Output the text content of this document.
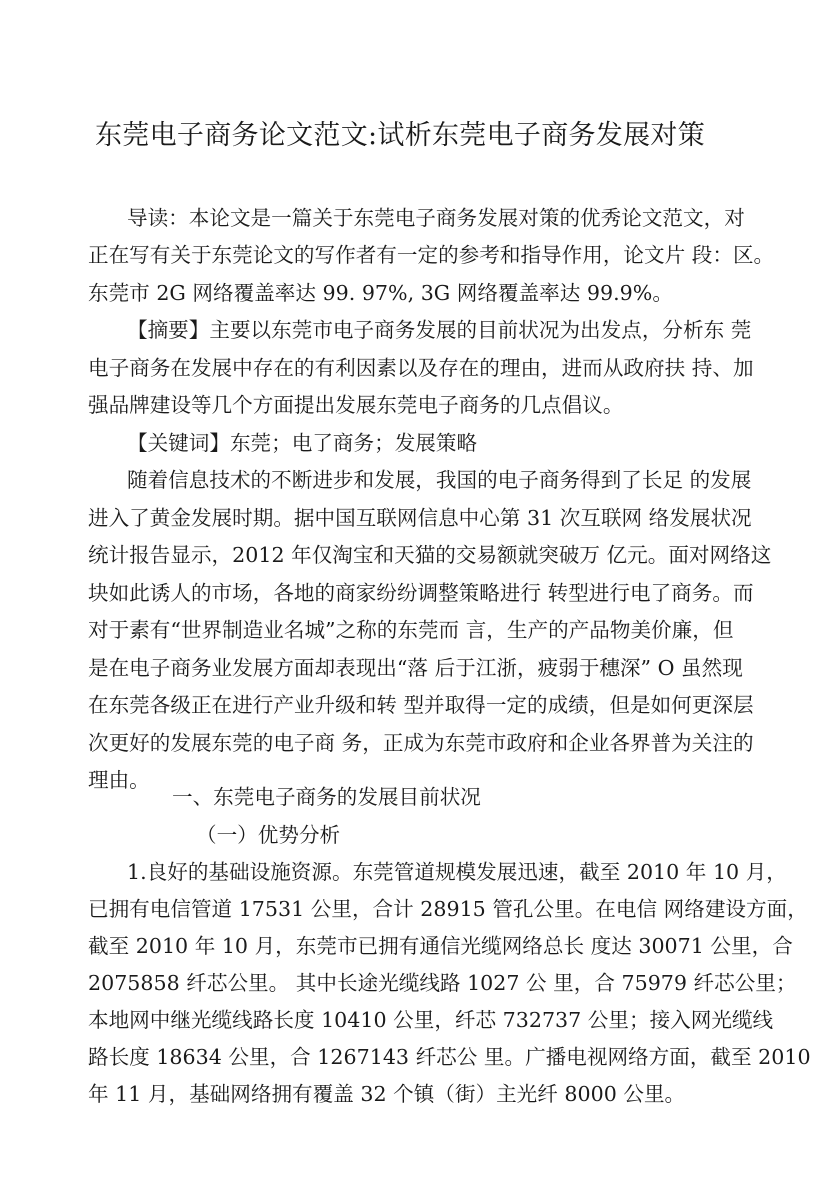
东莞电子商务论文范文:试析东莞电子商务发展对策
导读：本论文是一篇关于东莞电子商务发展对策的优秀论文范文，对
正在写有关于东莞论文的写作者有一定的参考和指导作用，论文片 段：区。
东莞市 2G 网络覆盖率达 99. 97%, 3G 网络覆盖率达 99.9%。
【摘要】主要以东莞市电子商务发展的目前状况为出发点，分析东 莞
电子商务在发展中存在的有利因素以及存在的理由，进而从政府扶 持、加
强品牌建设等几个方面提出发展东莞电子商务的几点倡议。
【关键词】东莞；电了商务；发展策略
随着信息技术的不断进步和发展，我国的电子商务得到了长足 的发展
进入了黄金发展时期。据中国互联网信息中心第 31 次互联网 络发展状况
统计报告显示，2012 年仅淘宝和天猫的交易额就突破万 亿元。面对网络这
块如此诱人的市场，各地的商家纷纷调整策略进行 转型进行电了商务。而
对于素有“世界制造业名城”之称的东莞而 言，生产的产品物美价廉，但
是在电子商务业发展方面却表现出“落 后于江浙，疲弱于穗深” O 虽然现
在东莞各级正在进行产业升级和转 型并取得一定的成绩，但是如何更深层
次更好的发展东莞的电子商 务，正成为东莞市政府和企业各界普为关注的
理由。
一、东莞电子商务的发展目前状况
（一）优势分析
1.良好的基础设施资源。东莞管道规模发展迅速，截至 2010 年 10 月，
已拥有电信管道 17531 公里，合计 28915 管孔公里。在电信 网络建设方面，
截至 2010 年 10 月，东莞市已拥有通信光缆网络总长 度达 30071 公里，合
2075858 纤芯公里。 其中长途光缆线路 1027 公 里，合 75979 纤芯公里；
本地网中继光缆线路长度 10410 公里，纤芯 732737 公里；接入网光缆线
路长度 18634 公里，合 1267143 纤芯公 里。广播电视网络方面，截至 2010
年 11 月，基础网络拥有覆盖 32 个镇（街）主光纤 8000 公里。
